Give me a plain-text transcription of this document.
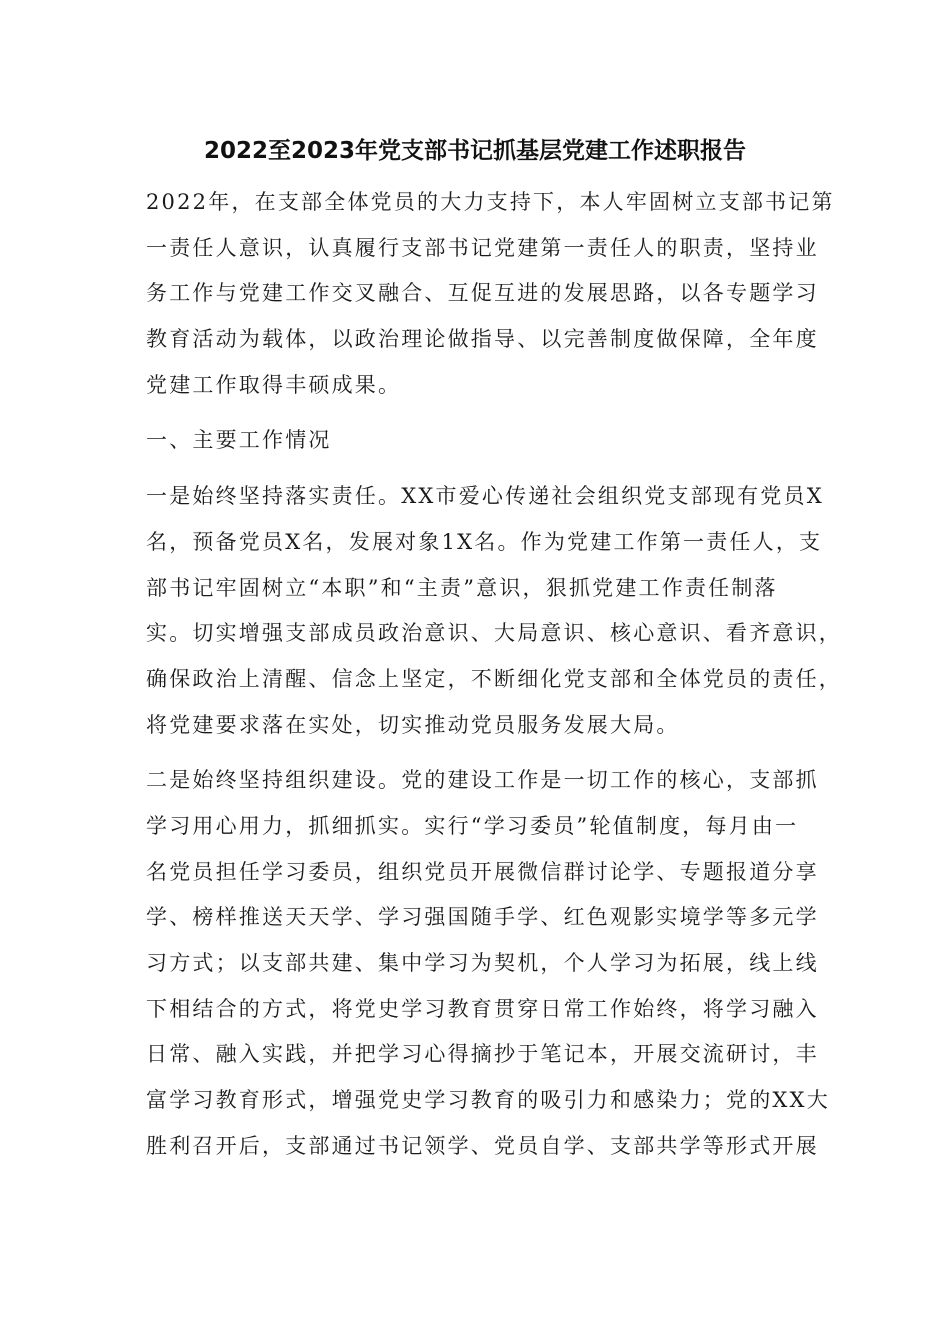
2022至2023年党支部书记抓基层党建工作述职报告
2022年，在支部全体党员的大力支持下，本人牢固树立支部书记第
一责任人意识，认真履行支部书记党建第一责任人的职责，坚持业
务工作与党建工作交叉融合、互促互进的发展思路，以各专题学习
教育活动为载体，以政治理论做指导、以完善制度做保障，全年度
党建工作取得丰硕成果。
一、主要工作情况
一是始终坚持落实责任。XX市爱心传递社会组织党支部现有党员X
名，预备党员X名，发展对象1X名。作为党建工作第一责任人，支
部书记牢固树立“本职”和“主责”意识，狠抓党建工作责任制落
实。切实增强支部成员政治意识、大局意识、核心意识、看齐意识，
确保政治上清醒、信念上坚定，不断细化党支部和全体党员的责任，
将党建要求落在实处，切实推动党员服务发展大局。
二是始终坚持组织建设。党的建设工作是一切工作的核心，支部抓
学习用心用力，抓细抓实。实行“学习委员”轮值制度，每月由一
名党员担任学习委员，组织党员开展微信群讨论学、专题报道分享
学、榜样推送天天学、学习强国随手学、红色观影实境学等多元学
习方式；以支部共建、集中学习为契机，个人学习为拓展，线上线
下相结合的方式，将党史学习教育贯穿日常工作始终，将学习融入
日常、融入实践，并把学习心得摘抄于笔记本，开展交流研讨，丰
富学习教育形式，增强党史学习教育的吸引力和感染力；党的XX大
胜利召开后，支部通过书记领学、党员自学、支部共学等形式开展
